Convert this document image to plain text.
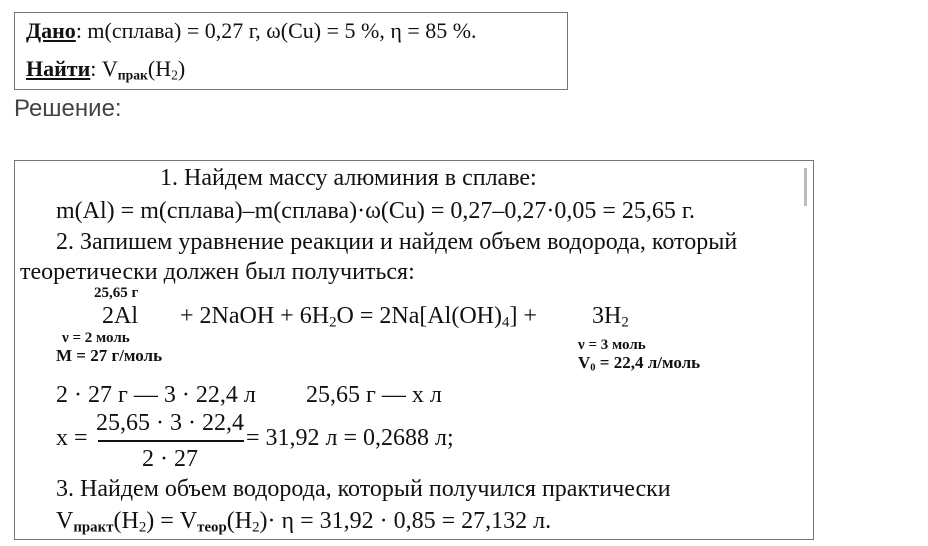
Дано: m(сплава) = 0,27 г, ω(Cu) = 5 %, η = 85 %.
Найти: $V_{прак}(H_2)$
Решение:
1. Найдем массу алюминия в сплаве:
m(Al) = m(сплава)–m(сплава)·ω(Cu) = 0,27–0,27·0,05 = 25,65 г.
2. Запишем уравнение реакции и найдем объем водорода, который
теоретически должен был получиться:
25,65 г
2Al + 2NaOH + $6H_2O = 2Na[Al(OH)_4] + 3H_2$
ν = 2 моль
M = 27 г/моль
ν = 3 моль
$V_0 = 22,4$ л/моль
2 · 27 г — 3 · 22,4 л 25,65 г — x л
x =
25,65 · 3 · 22,4
2 · 27
= 31,92 л = 0,2688 л;
3. Найдем объем водорода, который получился практически
$V_{практ}(H_2) = V_{теор}(H_2)\cdot \eta = 31,92 \cdot 0,85 = 27,132$ л.
